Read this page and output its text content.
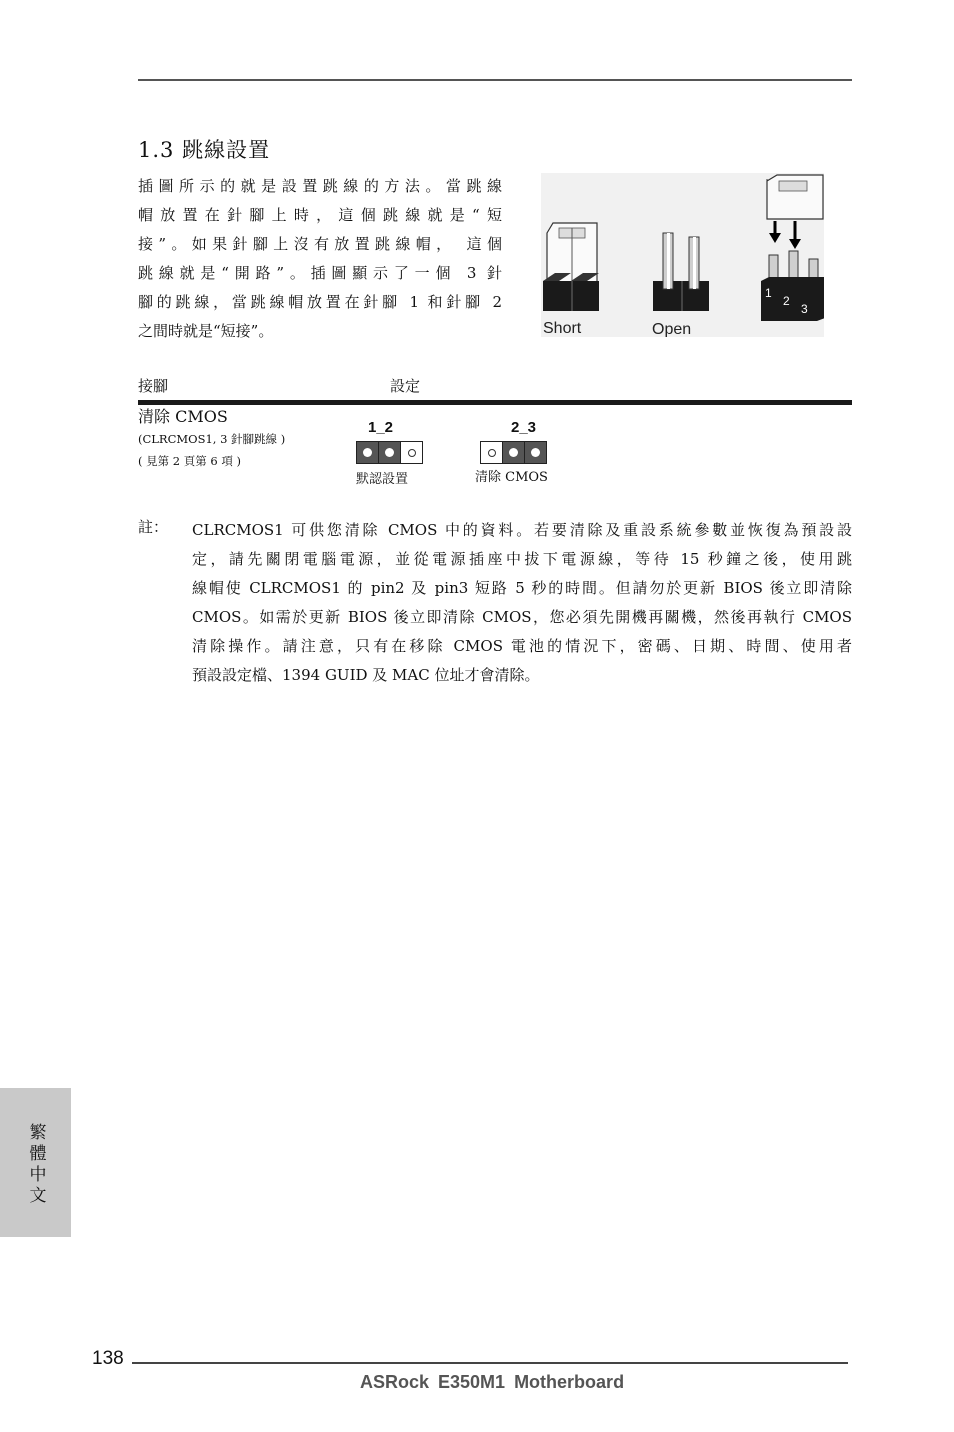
1.3 跳線設置
插圖所示的就是設置跳線的方法。當跳線
帽放置在針腳上時，這個跳線就是“短
接”。如果針腳上沒有放置跳線帽， 這個
跳線就是“開路”。插圖顯示了一個 3 針
腳的跳線，當跳線帽放置在針腳 1 和針腳 2
之間時就是“短接”。
1
2
3
Short	Open
接腳	設定
清除 CMOS
(CLRCMOS1, 3 針腳跳線 )
( 見第 2 頁第 6 項 )
1_2
默認設置
2_3
清除 CMOS
註： CLRCMOS1 可供您清除 CMOS 中的資料。若要清除及重設系統參數並恢復為預設設
定，請先關閉電腦電源，並從電源插座中拔下電源線，等待 15 秒鐘之後，使用跳
線帽使 CLRCMOS1 的 pin2 及 pin3 短路 5 秒的時間。但請勿於更新 BIOS 後立即清除
CMOS。如需於更新 BIOS 後立即清除 CMOS，您必須先開機再關機，然後再執行 CMOS
清除操作。請注意，只有在移除 CMOS 電池的情況下，密碼、日期、時間、使用者
預設設定檔、1394 GUID 及 MAC 位址才會清除。
繁體中文
138
ASRock E350M1 Motherboard
